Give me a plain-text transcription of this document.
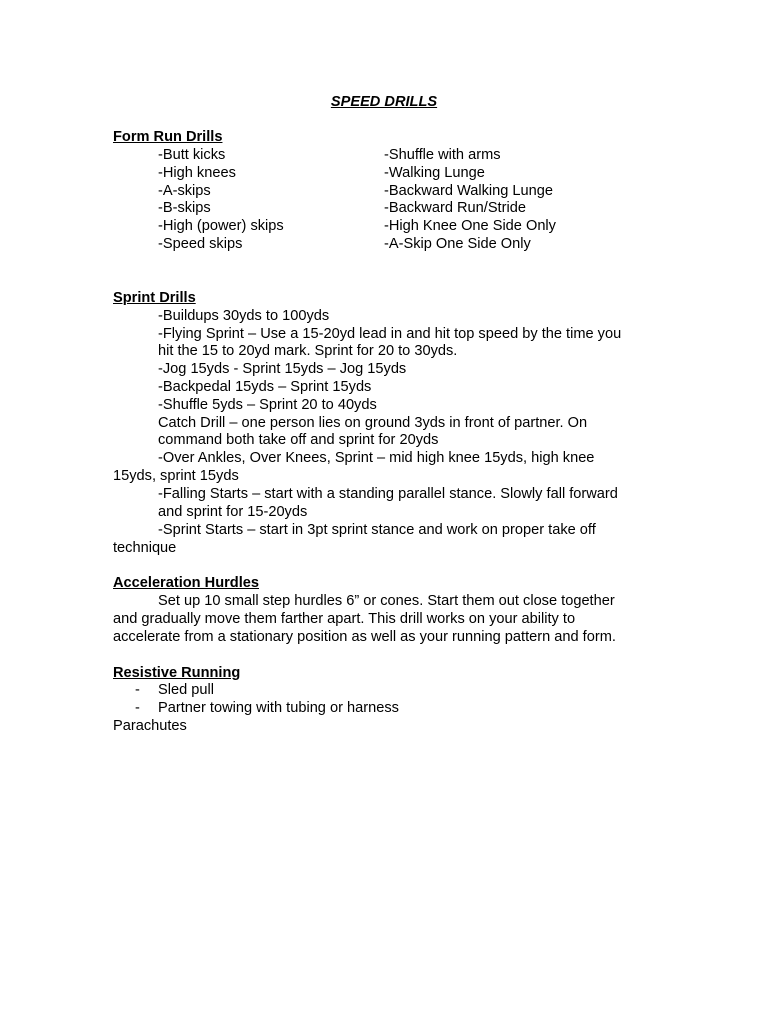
SPEED DRILLS
Form Run Drills
-Butt kicks
-High knees
-A-skips
-B-skips
-High (power) skips
-Speed skips
-Shuffle with arms
-Walking Lunge
-Backward Walking Lunge
-Backward Run/Stride
-High Knee One Side Only
-A-Skip One Side Only
Sprint Drills
-Buildups 30yds to 100yds
-Flying Sprint – Use a 15-20yd lead in and hit top speed by the time you
hit the 15 to 20yd mark. Sprint for 20 to 30yds.
-Jog 15yds - Sprint 15yds – Jog 15yds
-Backpedal 15yds – Sprint 15yds
-Shuffle 5yds – Sprint 20 to 40yds
Catch Drill – one person lies on ground 3yds in front of partner. On
command both take off and sprint for 20yds
-Over Ankles, Over Knees, Sprint – mid high knee 15yds, high knee
15yds, sprint 15yds
-Falling Starts – start with a standing parallel stance. Slowly fall forward
and sprint for 15-20yds
-Sprint Starts – start in 3pt sprint stance and work on proper take off
technique
Acceleration Hurdles
Set up 10 small step hurdles 6” or cones. Start them out close together
and gradually move them farther apart. This drill works on your ability to
accelerate from a stationary position as well as your running pattern and form.
Resistive Running
- Sled pull
- Partner towing with tubing or harness
Parachutes
